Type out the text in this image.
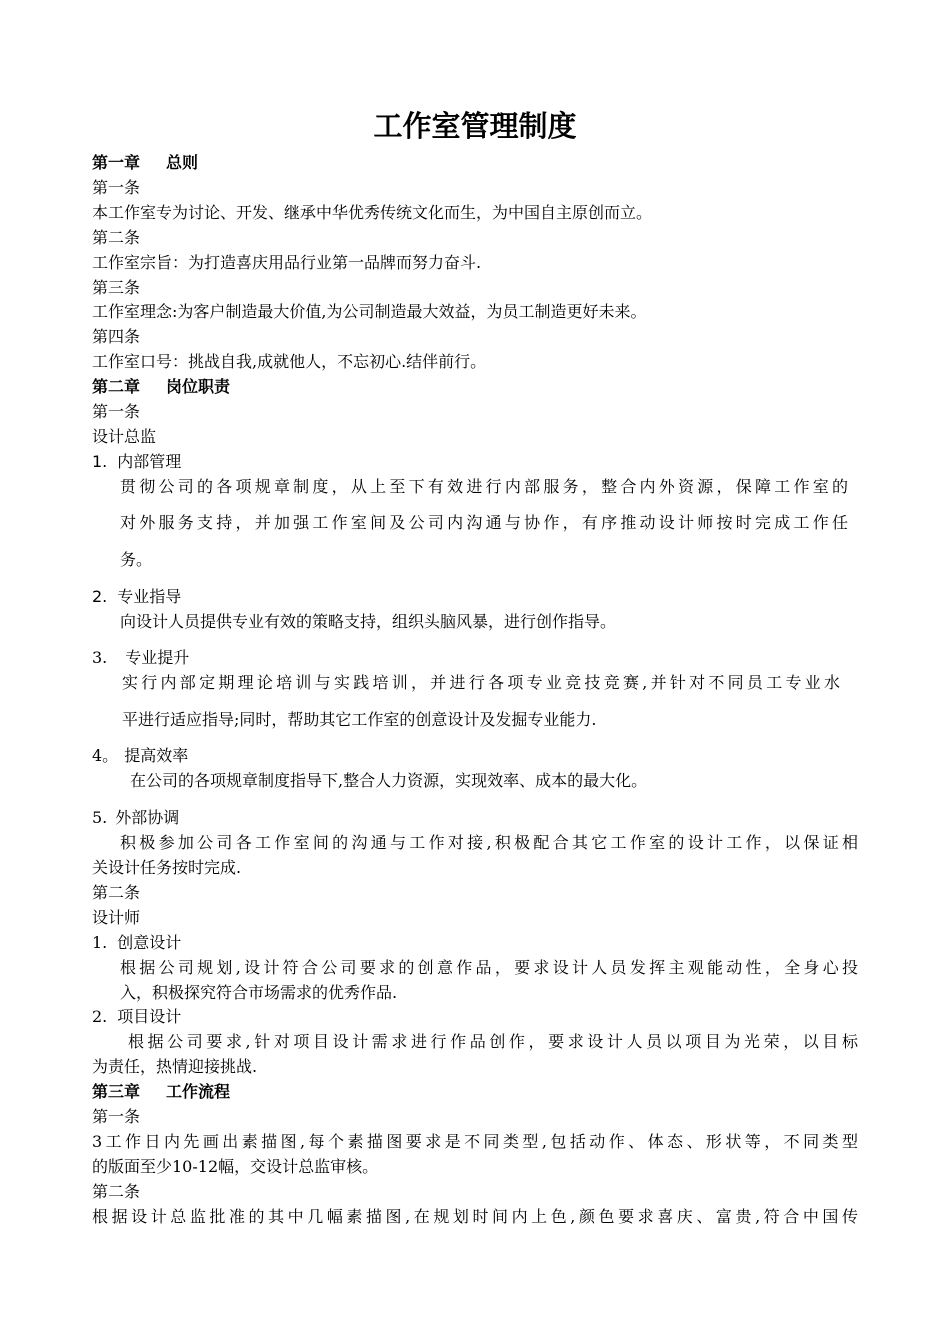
工作室管理制度
第一章 总则
第一条
本工作室专为讨论、开发、继承中华优秀传统文化而生，为中国自主原创而立。
第二条
工作室宗旨：为打造喜庆用品行业第一品牌而努力奋斗.
第三条
工作室理念:为客户制造最大价值,为公司制造最大效益，为员工制造更好未来。
第四条
工作室口号：挑战自我,成就他人，不忘初心.结伴前行。
第二章 岗位职责
第一条
设计总监
1. 内部管理
贯彻公司的各项规章制度，从上至下有效进行内部服务，整合内外资源，保障工作室的
对外服务支持，并加强工作室间及公司内沟通与协作，有序推动设计师按时完成工作任
务。
2. 专业指导
向设计人员提供专业有效的策略支持，组织头脑风暴，进行创作指导。
3. 专业提升
实行内部定期理论培训与实践培训，并进行各项专业竞技竞赛,并针对不同员工专业水
平进行适应指导;同时，帮助其它工作室的创意设计及发掘专业能力.
4。 提高效率
在公司的各项规章制度指导下,整合人力资源，实现效率、成本的最大化。
5. 外部协调
积极参加公司各工作室间的沟通与工作对接,积极配合其它工作室的设计工作，以保证相
关设计任务按时完成.
第二条
设计师
1. 创意设计
根据公司规划,设计符合公司要求的创意作品，要求设计人员发挥主观能动性，全身心投
入，积极探究符合市场需求的优秀作品.
2. 项目设计
根据公司要求,针对项目设计需求进行作品创作，要求设计人员以项目为光荣，以目标
为责任，热情迎接挑战.
第三章 工作流程
第一条
3工作日内先画出素描图,每个素描图要求是不同类型,包括动作、体态、形状等，不同类型
的版面至少10-12幅，交设计总监审核。
第二条
根据设计总监批准的其中几幅素描图,在规划时间内上色,颜色要求喜庆、富贵,符合中国传
